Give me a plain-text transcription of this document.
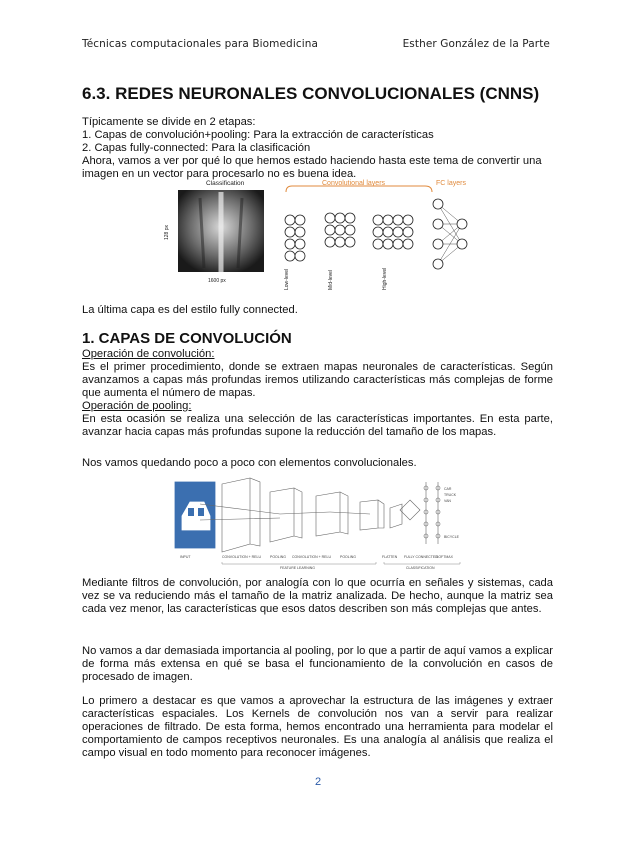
Técnicas computacionales para Biomedicina	Esther González de la Parte
6.3. REDES NEURONALES CONVOLUCIONALES (CNNS)

Típicamente se divide en 2 etapas:

1. Capas de convolución+pooling: Para la extracción de características

2. Capas fully-connected: Para la clasificación

Ahora, vamos a ver por qué lo que hemos estado haciendo hasta este tema de convertir una imagen en un vector para procesarlo no es buena idea.

Classification
128 px
1600 px
Convolutional layers	FC layers
Low-level	Mid-level	High-level
La última capa es del estilo fully connected.
1. CAPAS DE CONVOLUCIÓN

Operación de convolución:

Es el primer procedimiento, donde se extraen mapas neuronales de características. Según avanzamos a capas más profundas iremos utilizando características más complejas de forme que aumenta el número de mapas.

Operación de pooling:

En esta ocasión se realiza una selección de las características importantes. En esta parte, avanzar hacia capas más profundas supone la reducción del tamaño de los mapas.

Nos vamos quedando poco a poco con elementos convolucionales.
CAR
TRUCK
VAN
BICYCLE
INPUT	CONVOLUTION + RELU	POOLING CONVOLUTION + RELU	POOLING	FLATTEN FULLY CONNECTED
SOFTMAX
FEATURE LEARNING	CLASSIFICATION
Mediante filtros de convolución, por analogía con lo que ocurría en señales y sistemas, cada vez se va reduciendo más el tamaño de la matriz analizada. De hecho, aunque la matriz sea cada vez menor, las características que esos datos describen son más complejas que antes.
No vamos a dar demasiada importancia al pooling, por lo que a partir de aquí vamos a explicar de forma más extensa en qué se basa el funcionamiento de la convolución en casos de procesado de imagen.
Lo primero a destacar es que vamos a aprovechar la estructura de las imágenes y extraer características espaciales. Los Kernels de convolución nos van a servir para realizar operaciones de filtrado. De esta forma, hemos encontrado una herramienta para modelar el comportamiento de campos receptivos neuronales. Es una analogía al análisis que realiza el campo visual en todo momento para reconocer imágenes.
2
